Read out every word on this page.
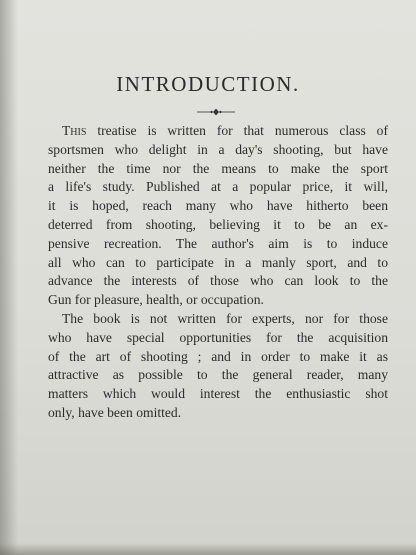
INTRODUCTION.
This treatise is written for that numerous class of
sportsmen who delight in a day's shooting, but have
neither the time nor the means to make the sport
a life's study. Published at a popular price, it will,
it is hoped, reach many who have hitherto been
deterred from shooting, believing it to be an ex-
pensive recreation. The author's aim is to induce
all who can to participate in a manly sport, and to
advance the interests of those who can look to the
Gun for pleasure, health, or occupation.
The book is not written for experts, nor for those
who have special opportunities for the acquisition
of the art of shooting ; and in order to make it as
attractive as possible to the general reader, many
matters which would interest the enthusiastic shot
only, have been omitted.
